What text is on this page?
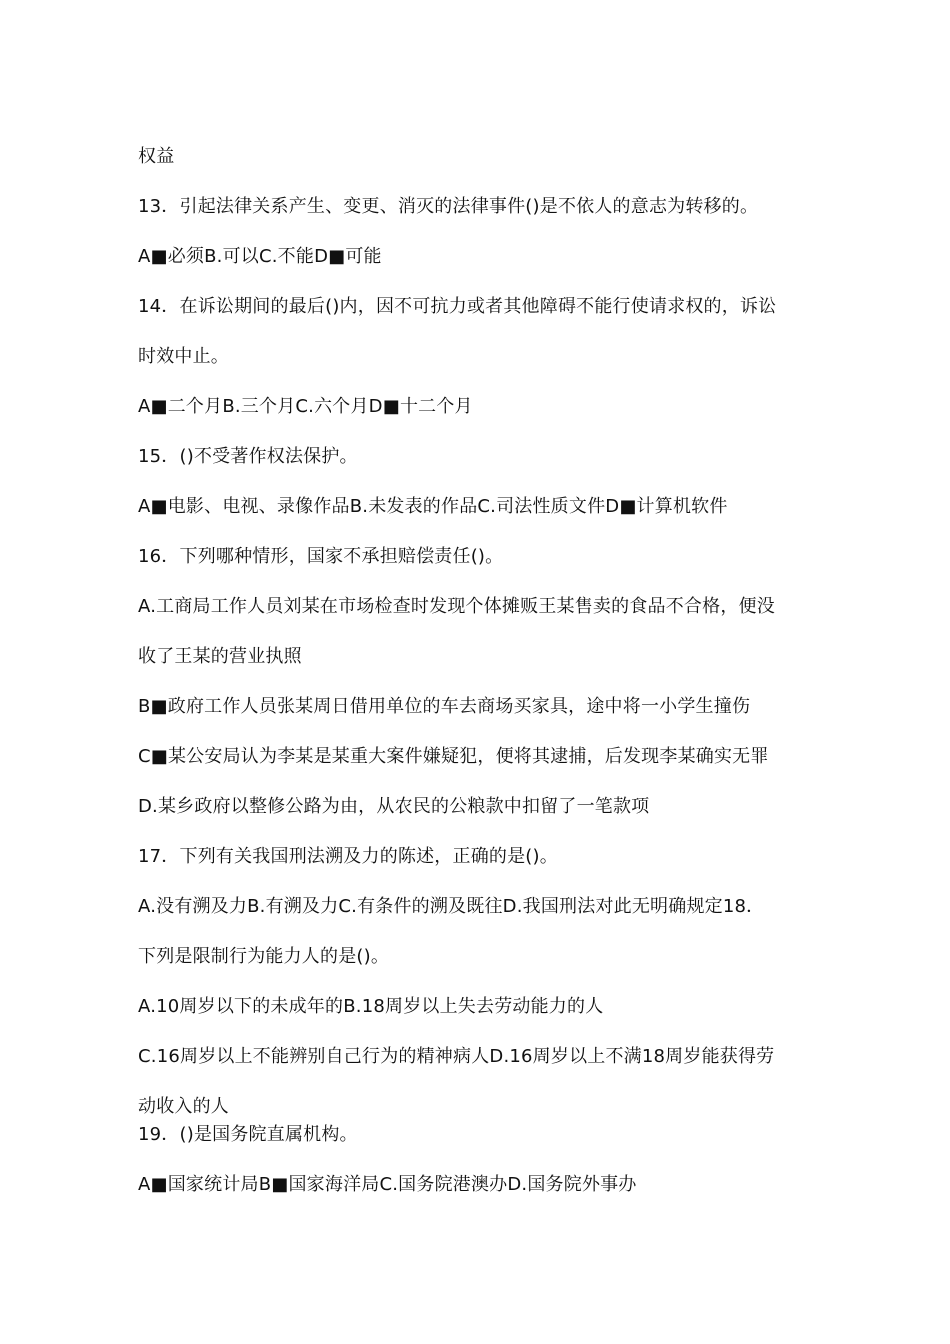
权益
13．引起法律关系产生、变更、消灭的法律事件()是不依人的意志为转移的。
A■必须B.可以C.不能D■可能
14．在诉讼期间的最后()内，因不可抗力或者其他障碍不能行使请求权的，诉讼
时效中止。
A■二个月B.三个月C.六个月D■十二个月
15．()不受著作权法保护。
A■电影、电视、录像作品B.未发表的作品C.司法性质文件D■计算机软件
16．下列哪种情形，国家不承担赔偿责任()。
A.工商局工作人员刘某在市场检查时发现个体摊贩王某售卖的食品不合格，便没
收了王某的营业执照
B■政府工作人员张某周日借用单位的车去商场买家具，途中将一小学生撞伤
C■某公安局认为李某是某重大案件嫌疑犯，便将其逮捕，后发现李某确实无罪
D.某乡政府以整修公路为由，从农民的公粮款中扣留了一笔款项
17．下列有关我国刑法溯及力的陈述，正确的是()。
A.没有溯及力B.有溯及力C.有条件的溯及既往D.我国刑法对此无明确规定18．
下列是限制行为能力人的是()。
A.10周岁以下的未成年的B.18周岁以上失去劳动能力的人
C.16周岁以上不能辨别自己行为的精神病人D.16周岁以上不满18周岁能获得劳
动收入的人
19．()是国务院直属机构。
A■国家统计局B■国家海洋局C.国务院港澳办D.国务院外事办
